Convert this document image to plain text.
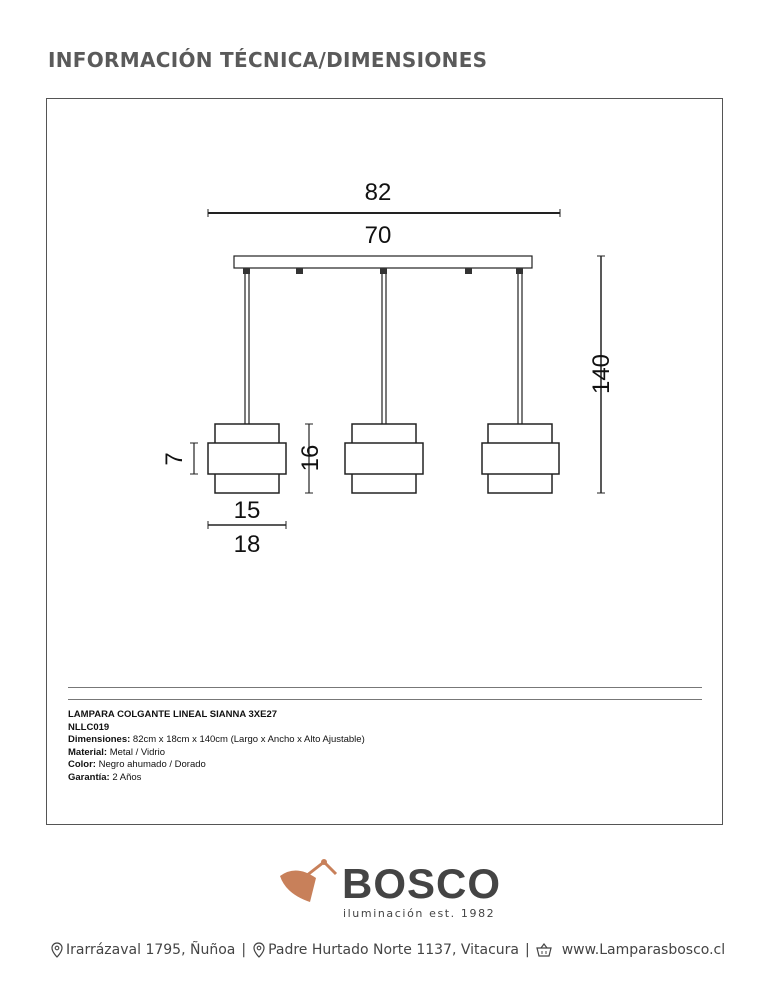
INFORMACIÓN TÉCNICA/DIMENSIONES
82
70
7	16
140
15
18
LAMPARA COLGANTE LINEAL SIANNA 3XE27
NLLC019
Dimensiones: 82cm x 18cm x 140cm (Largo x Ancho x Alto Ajustable)
Material: Metal / Vidrio
Color: Negro ahumado / Dorado
Garantía: 2 Años
BOSCO
iluminación est. 1982
Irarrázaval 1795, Ñuñoa | Padre Hurtado Norte 1137, Vitacura | www.Lamparasbosco.cl
